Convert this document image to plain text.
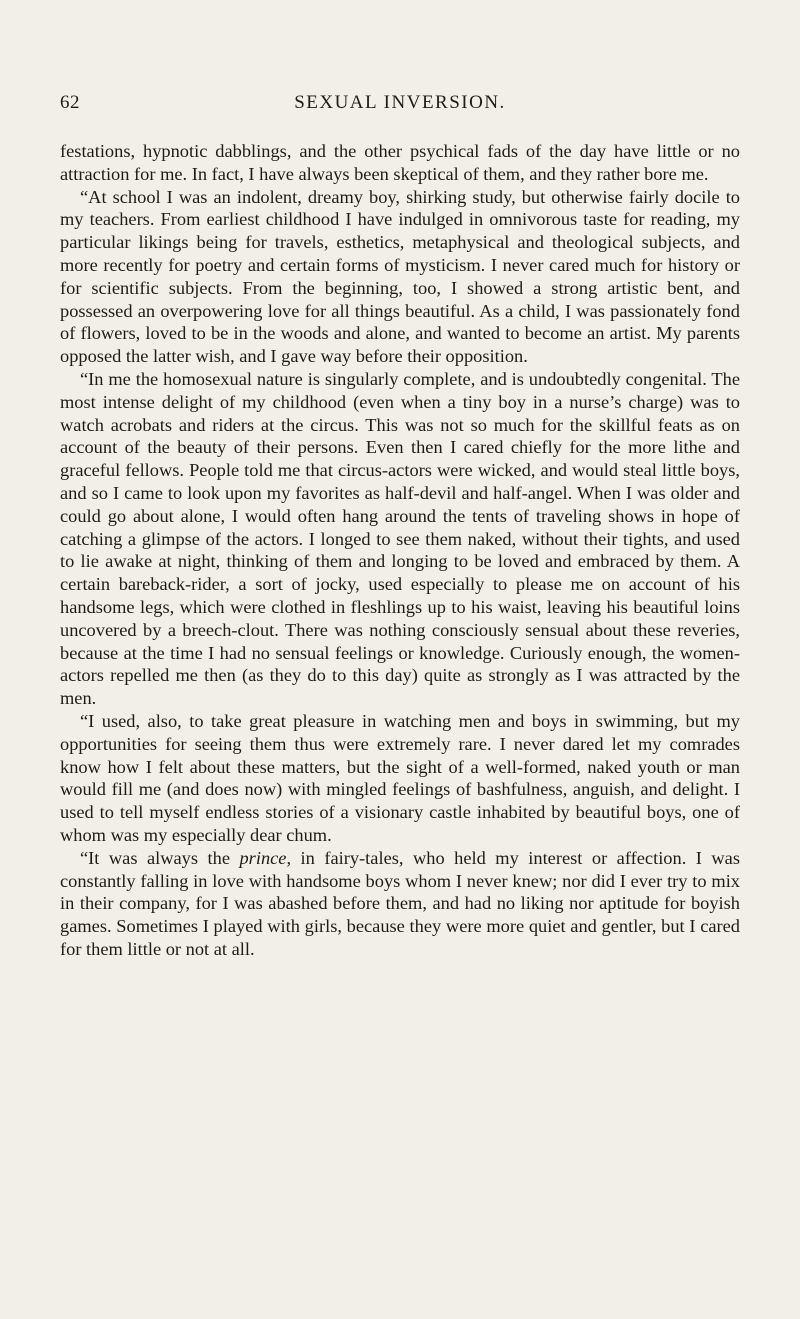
62	SEXUAL INVERSION.

festations, hypnotic dabblings, and the other psychical fads of the day have little or no attraction for me. In fact, I have always been skeptical of them, and they rather bore me.

“At school I was an indolent, dreamy boy, shirking study, but otherwise fairly docile to my teachers. From earliest childhood I have indulged in omnivorous taste for reading, my particular likings being for travels, esthetics, metaphysical and theological subjects, and more recently for poetry and certain forms of mysticism. I never cared much for history or for scientific subjects. From the beginning, too, I showed a strong artistic bent, and possessed an overpowering love for all things beautiful. As a child, I was passionately fond of flowers, loved to be in the woods and alone, and wanted to become an artist. My parents opposed the latter wish, and I gave way before their opposition.

“In me the homosexual nature is singularly complete, and is undoubtedly congenital. The most intense delight of my childhood (even when a tiny boy in a nurse’s charge) was to watch acrobats and riders at the circus. This was not so much for the skillful feats as on account of the beauty of their persons. Even then I cared chiefly for the more lithe and graceful fellows. People told me that circus-actors were wicked, and would steal little boys, and so I came to look upon my favorites as half-devil and half-angel. When I was older and could go about alone, I would often hang around the tents of traveling shows in hope of catching a glimpse of the actors. I longed to see them naked, without their tights, and used to lie awake at night, thinking of them and longing to be loved and embraced by them. A certain bareback-rider, a sort of jocky, used especially to please me on account of his handsome legs, which were clothed in fleshlings up to his waist, leaving his beautiful loins uncovered by a breech-clout. There was nothing consciously sensual about these reveries, because at the time I had no sensual feelings or knowledge. Curiously enough, the women-actors repelled me then (as they do to this day) quite as strongly as I was attracted by the men.

“I used, also, to take great pleasure in watching men and boys in swimming, but my opportunities for seeing them thus were extremely rare. I never dared let my comrades know how I felt about these matters, but the sight of a well-formed, naked youth or man would fill me (and does now) with mingled feelings of bashfulness, anguish, and delight. I used to tell myself endless stories of a visionary castle inhabited by beautiful boys, one of whom was my especially dear chum.

“It was always the prince, in fairy-tales, who held my interest or affection. I was constantly falling in love with handsome boys whom I never knew; nor did I ever try to mix in their company, for I was abashed before them, and had no liking nor aptitude for boyish games. Sometimes I played with girls, because they were more quiet and gentler, but I cared for them little or not at all.
